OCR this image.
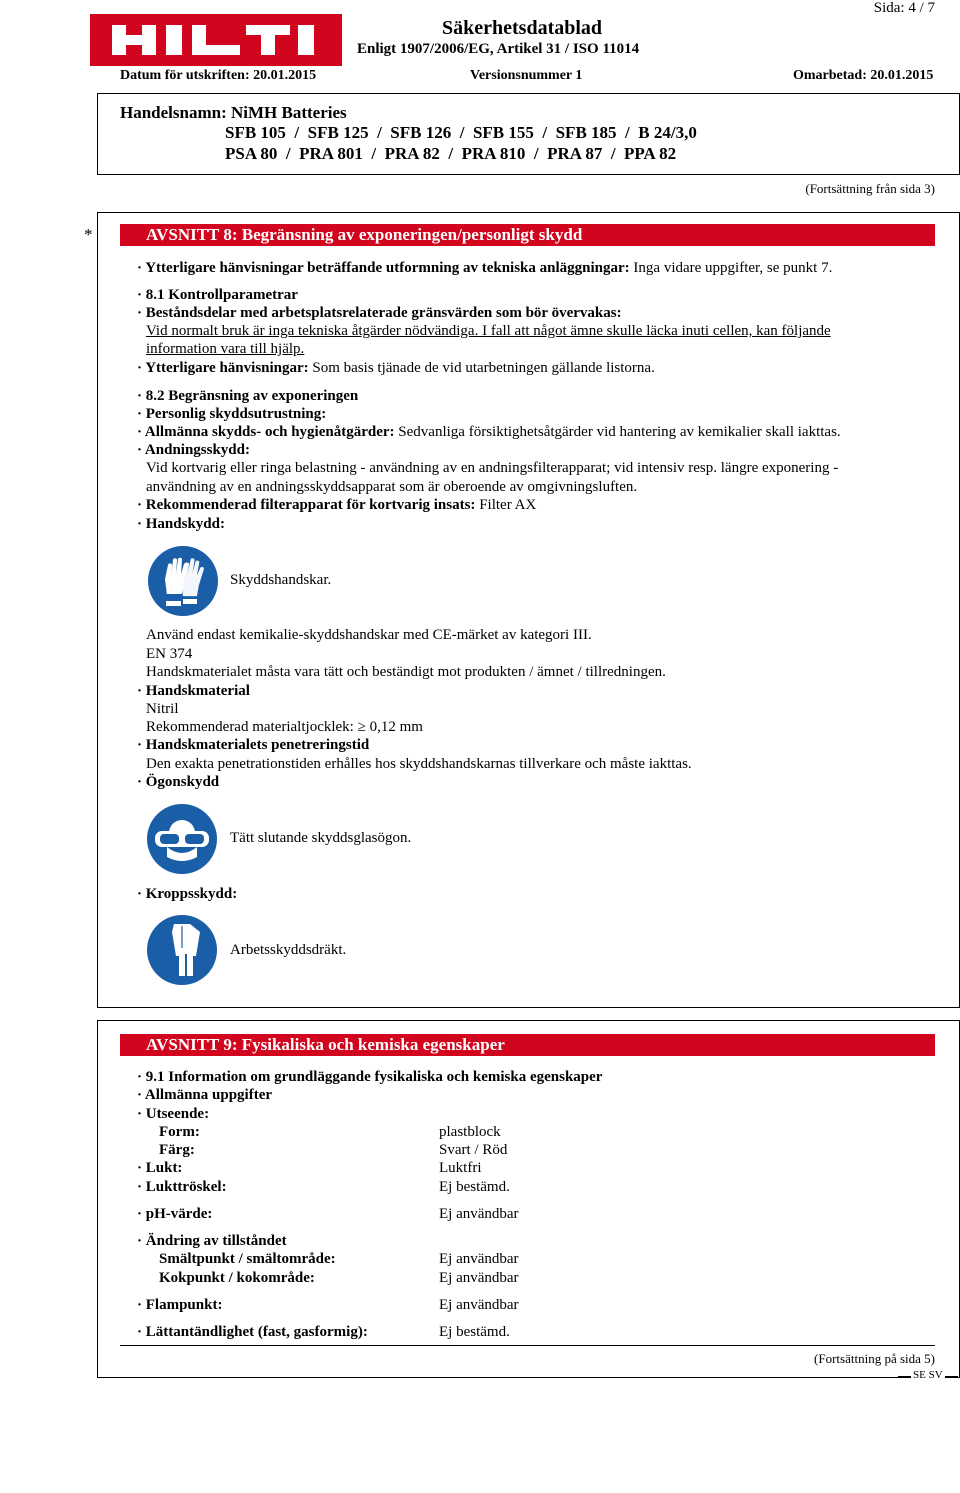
Sida: 4 / 7
Säkerhetsdatablad
Enligt 1907/2006/EG, Artikel 31 / ISO 11014
Datum för utskriften: 20.01.2015	Versionsnummer 1	Omarbetad: 20.01.2015
Handelsnamn: NiMH Batteries
SFB 105  /  SFB 125  /  SFB 126  /  SFB 155  /  SFB 185  /  B 24/3,0
PSA 80  /  PRA 801  /  PRA 82  /  PRA 810  /  PRA 87  /  PPA 82
(Fortsättning från sida 3)
*	AVSNITT 8: Begränsning av exponeringen/personligt skydd
· Ytterligare hänvisningar beträffande utformning av tekniska anläggningar: Inga vidare uppgifter, se punkt 7.
· 8.1 Kontrollparametrar
· Beståndsdelar med arbetsplatsrelaterade gränsvärden som bör övervakas:
Vid normalt bruk är inga tekniska åtgärder nödvändiga. I fall att något ämne skulle läcka inuti cellen, kan följande
information vara till hjälp.
· Ytterligare hänvisningar: Som basis tjänade de vid utarbetningen gällande listorna.
· 8.2 Begränsning av exponeringen
· Personlig skyddsutrustning:
· Allmänna skydds- och hygienåtgärder: Sedvanliga försiktighetsåtgärder vid hantering av kemikalier skall iakttas.
· Andningsskydd:
Vid kortvarig eller ringa belastning - användning av en andningsfilterapparat; vid intensiv resp. längre exponering -
användning av en andningsskyddsapparat som är oberoende av omgivningsluften.
· Rekommenderad filterapparat för kortvarig insats: Filter AX
· Handskydd:
Skyddshandskar.
Använd endast kemikalie-skyddshandskar med CE-märket av kategori III.
EN 374
Handskmaterialet måsta vara tätt och beständigt mot produkten / ämnet / tillredningen.
· Handskmaterial
Nitril
Rekommenderad materialtjocklek: ≥ 0,12 mm
· Handskmaterialets penetreringstid
Den exakta penetrationstiden erhålles hos skyddshandskarnas tillverkare och måste iakttas.
· Ögonskydd
Tätt slutande skyddsglasögon.
· Kroppsskydd:
Arbetsskyddsdräkt.
AVSNITT 9: Fysikaliska och kemiska egenskaper
· 9.1 Information om grundläggande fysikaliska och kemiska egenskaper
· Allmänna uppgifter
· Utseende:
Form:	plastblock
Färg:	Svart / Röd
· Lukt:	Luktfri
· Lukttröskel:	Ej bestämd.
· pH-värde:	Ej användbar
· Ändring av tillståndet
Smältpunkt / smältområde:	Ej användbar
Kokpunkt / kokområde:	Ej användbar
· Flampunkt:	Ej användbar
· Lättantändlighet (fast, gasformig):	Ej bestämd.
(Fortsättning på sida 5)
SE SV
